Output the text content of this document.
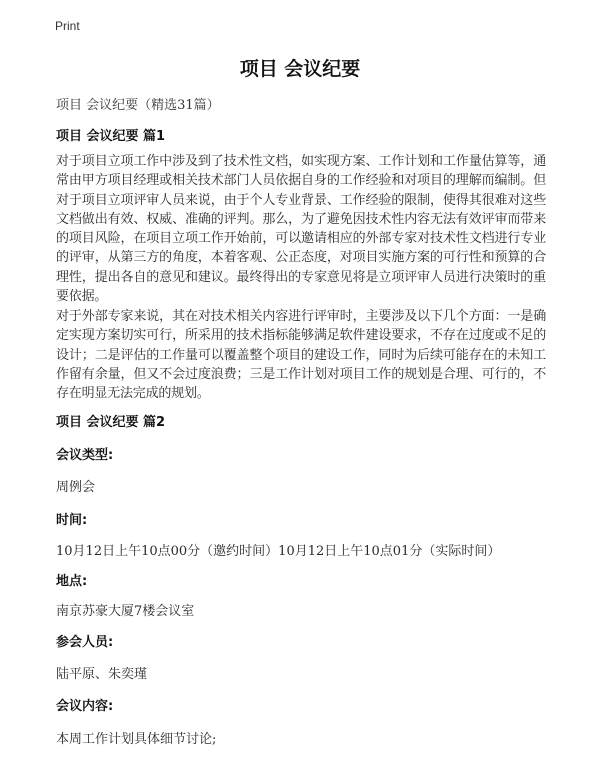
Print
项目 会议纪要
项目 会议纪要（精选31篇）
项目 会议纪要 篇1
对于项目立项工作中涉及到了技术性文档，如实现方案、工作计划和工作量估算等，通常由甲方项目经理或相关技术部门人员依据自身的工作经验和对项目的理解而编制。但对于项目立项评审人员来说，由于个人专业背景、工作经验的限制，使得其很难对这些文档做出有效、权威、准确的评判。那么，为了避免因技术性内容无法有效评审而带来的项目风险，在项目立项工作开始前，可以邀请相应的外部专家对技术性文档进行专业的评审，从第三方的角度，本着客观、公正态度，对项目实施方案的可行性和预算的合理性，提出各自的意见和建议。最终得出的专家意见将是立项评审人员进行决策时的重要依据。
对于外部专家来说，其在对技术相关内容进行评审时，主要涉及以下几个方面：一是确定实现方案切实可行，所采用的技术指标能够满足软件建设要求，不存在过度或不足的设计；二是评估的工作量可以覆盖整个项目的建设工作，同时为后续可能存在的未知工作留有余量，但又不会过度浪费；三是工作计划对项目工作的规划是合理、可行的，不存在明显无法完成的规划。
项目 会议纪要 篇2
会议类型:
周例会
时间:
10月12日上午10点00分（邀约时间）10月12日上午10点01分（实际时间）
地点:
南京苏豪大厦7楼会议室
参会人员:
陆平原、朱奕瑾
会议内容:
本周工作计划具体细节讨论;
